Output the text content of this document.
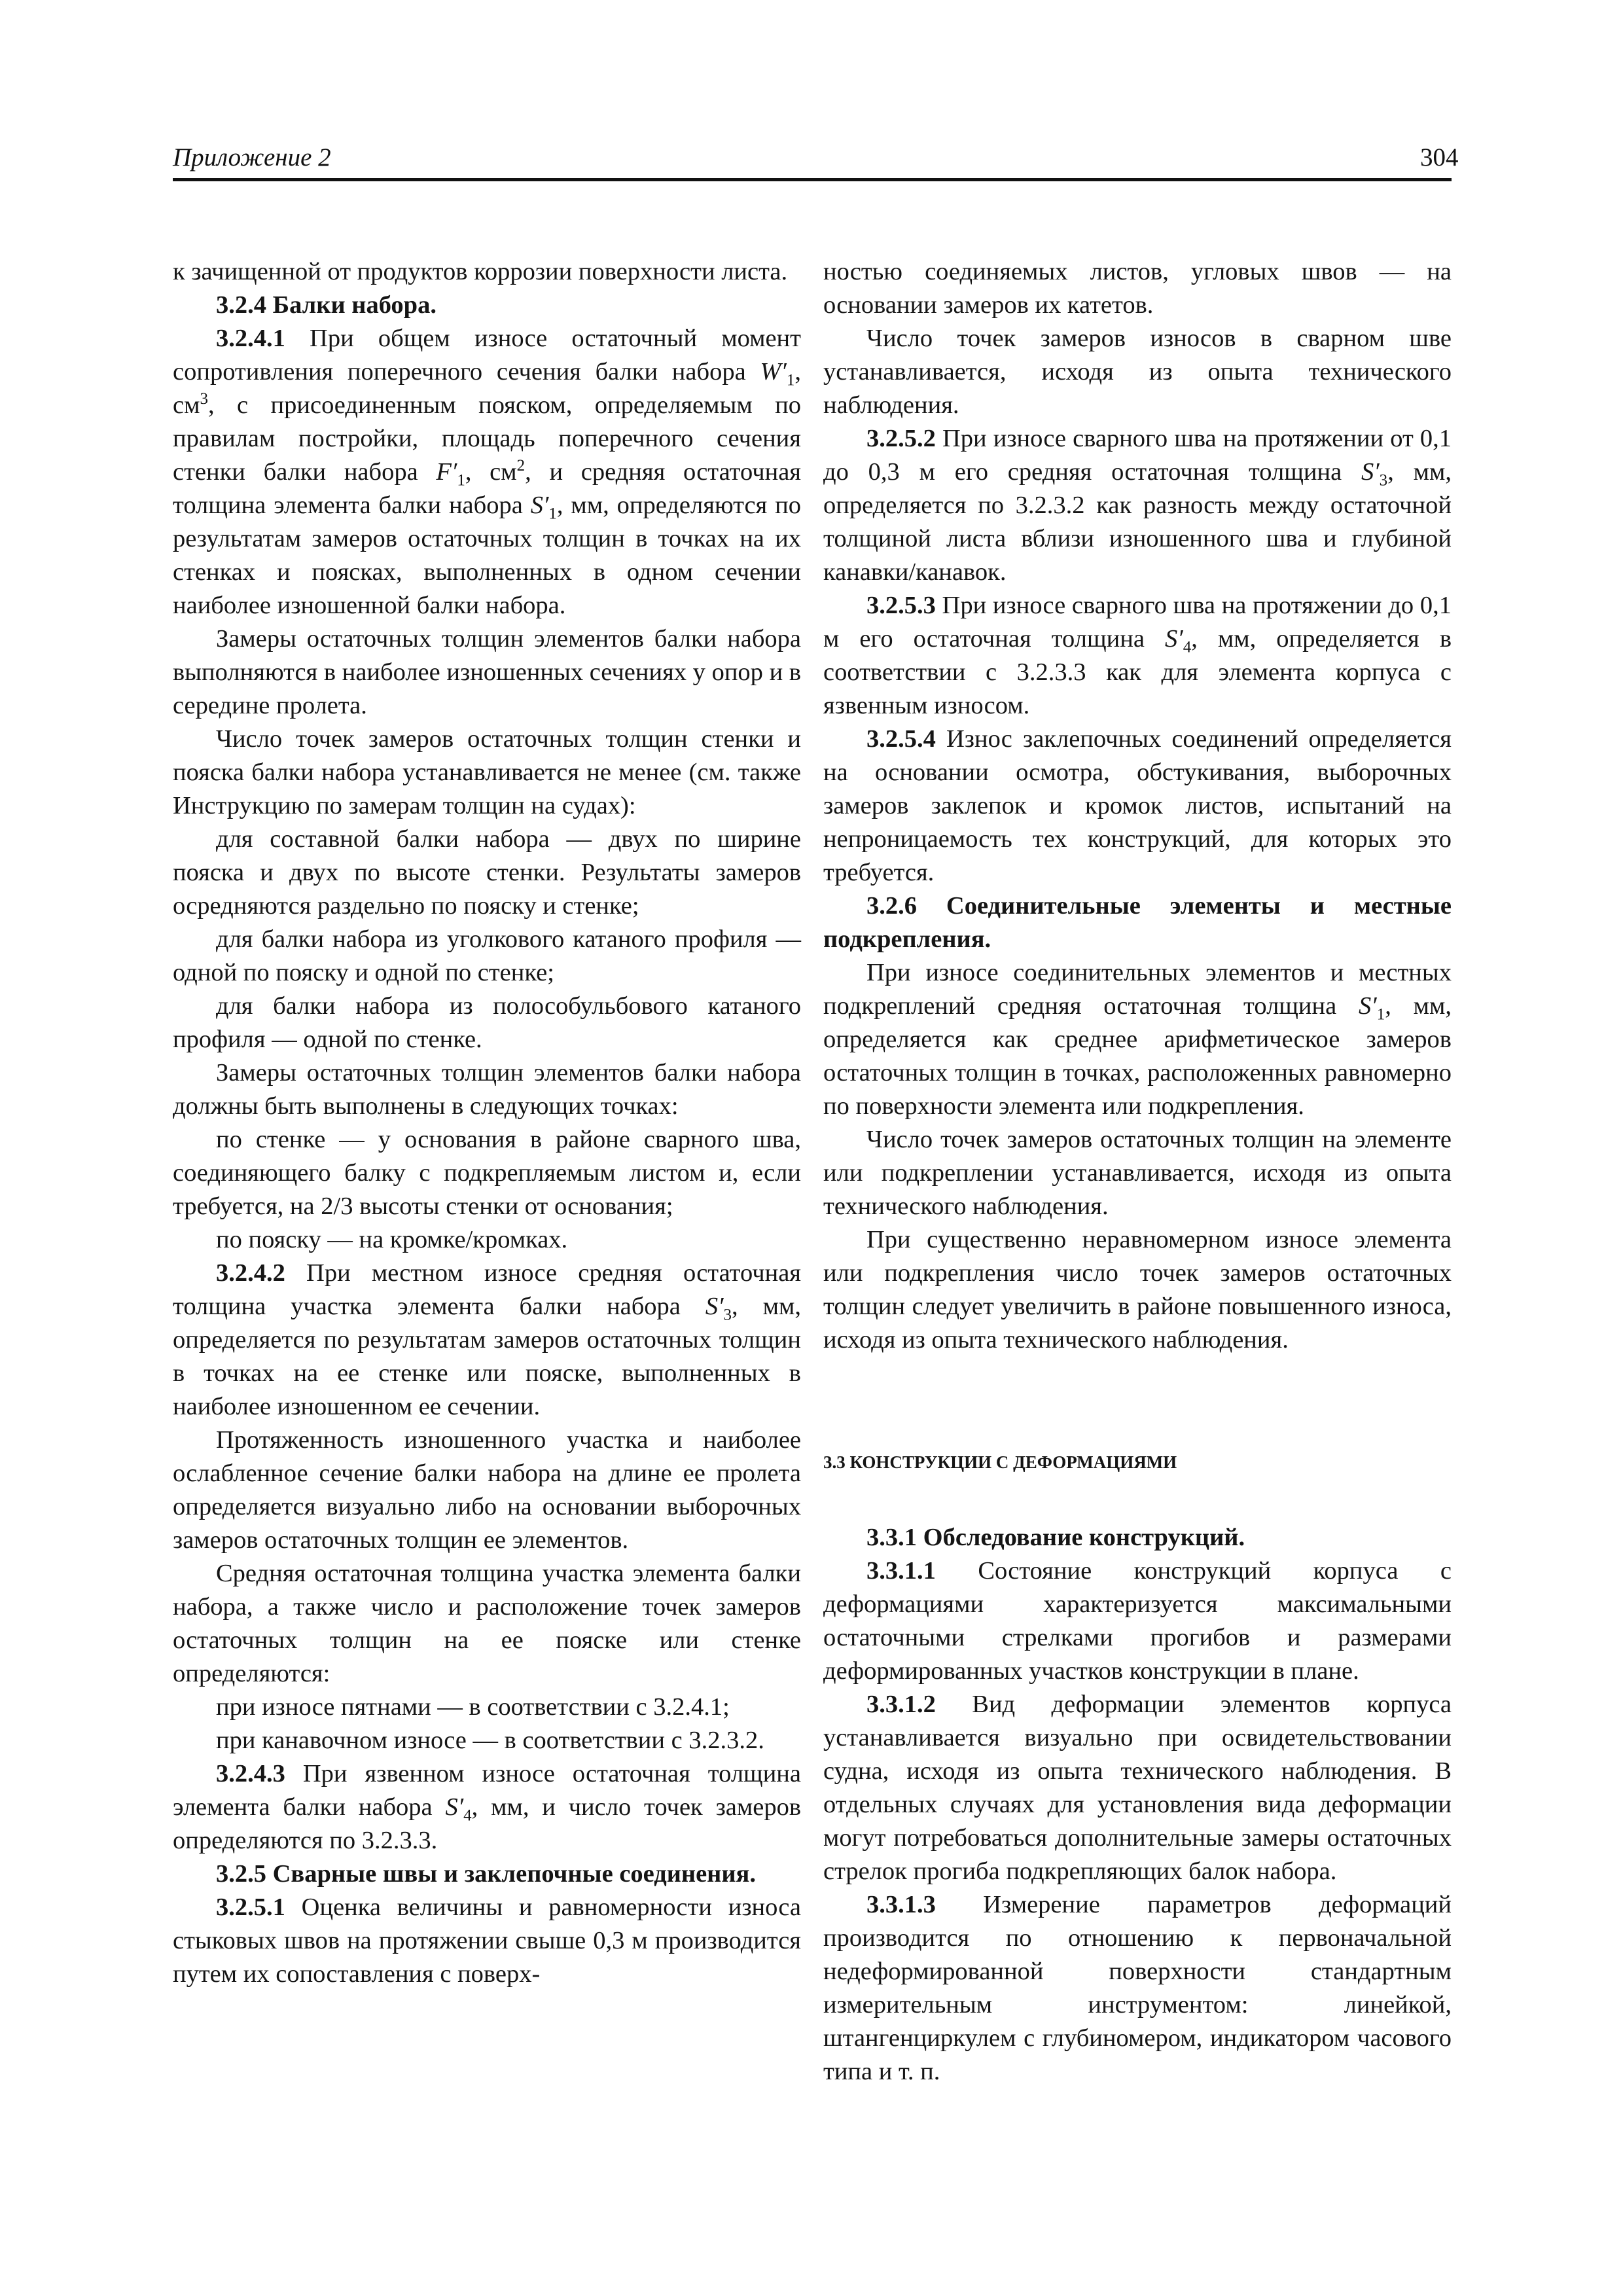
Приложение 2	304

к зачищенной от продуктов коррозии поверхности листа.

3.2.4 Балки набора.

3.2.4.1 При общем износе остаточный момент сопротивления поперечного сечения балки набора $W'_1$, $см^3$, с присоединенным пояском, определяемым по правилам постройки, площадь поперечного сечения стенки балки набора $F'_1$, $см^2$, и средняя остаточная толщина элемента балки набора $S'_1$, мм, определяются по результатам замеров остаточных толщин в точках на их стенках и поясках, выполненных в одном сечении наиболее изношенной балки набора.

Замеры остаточных толщин элементов балки набора выполняются в наиболее изношенных сечениях у опор и в середине пролета.

Число точек замеров остаточных толщин стенки и пояска балки набора устанавливается не менее (см. также Инструкцию по замерам толщин на судах):

для составной балки набора — двух по ширине пояска и двух по высоте стенки. Результаты замеров осредняются раздельно по пояску и стенке;

для балки набора из уголкового катаного профиля — одной по пояску и одной по стенке;

для балки набора из полособульбового катаного профиля — одной по стенке.

Замеры остаточных толщин элементов балки набора должны быть выполнены в следующих точках:

по стенке — у основания в районе сварного шва, соединяющего балку с подкрепляемым листом и, если требуется, на 2/3 высоты стенки от основания;

по пояску — на кромке/кромках.

3.2.4.2 При местном износе средняя остаточная толщина участка элемента балки набора $S'_3$, мм, определяется по результатам замеров остаточных толщин в точках на ее стенке или пояске, выполненных в наиболее изношенном ее сечении.

Протяженность изношенного участка и наиболее ослабленное сечение балки набора на длине ее пролета определяется визуально либо на основании выборочных замеров остаточных толщин ее элементов.

Средняя остаточная толщина участка элемента балки набора, а также число и расположение точек замеров остаточных толщин на ее пояске или стенке определяются:

при износе пятнами — в соответствии с 3.2.4.1;

при канавочном износе — в соответствии с 3.2.3.2.

3.2.4.3 При язвенном износе остаточная толщина элемента балки набора $S'_4$, мм, и число точек замеров определяются по 3.2.3.3.

3.2.5 Сварные швы и заклепочные соединения.

3.2.5.1 Оценка величины и равномерности износа стыковых швов на протяжении свыше 0,3 м производится путем их сопоставления с поверх-

ностью соединяемых листов, угловых швов — на основании замеров их катетов.

Число точек замеров износов в сварном шве устанавливается, исходя из опыта технического наблюдения.

3.2.5.2 При износе сварного шва на протяжении от 0,1 до 0,3 м его средняя остаточная толщина $S'_3$, мм, определяется по 3.2.3.2 как разность между остаточной толщиной листа вблизи изношенного шва и глубиной канавки/канавок.

3.2.5.3 При износе сварного шва на протяжении до 0,1 м его остаточная толщина $S'_4$, мм, определяется в соответствии с 3.2.3.3 как для элемента корпуса с язвенным износом.

3.2.5.4 Износ заклепочных соединений определяется на основании осмотра, обстукивания, выборочных замеров заклепок и кромок листов, испытаний на непроницаемость тех конструкций, для которых это требуется.

3.2.6 Соединительные элементы и местные подкрепления.

При износе соединительных элементов и местных подкреплений средняя остаточная толщина $S'_1$, мм, определяется как среднее арифметическое замеров остаточных толщин в точках, расположенных равномерно по поверхности элемента или подкрепления.

Число точек замеров остаточных толщин на элементе или подкреплении устанавливается, исходя из опыта технического наблюдения.

При существенно неравномерном износе элемента или подкрепления число точек замеров остаточных толщин следует увеличить в районе повышенного износа, исходя из опыта технического наблюдения.

3.3 КОНСТРУКЦИИ С ДЕФОРМАЦИЯМИ

3.3.1 Обследование конструкций.

3.3.1.1 Состояние конструкций корпуса с деформациями характеризуется максимальными остаточными стрелками прогибов и размерами деформированных участков конструкции в плане.

3.3.1.2 Вид деформации элементов корпуса устанавливается визуально при освидетельствовании судна, исходя из опыта технического наблюдения. В отдельных случаях для установления вида деформации могут потребоваться дополнительные замеры остаточных стрелок прогиба подкрепляющих балок набора.

3.3.1.3 Измерение параметров деформаций производится по отношению к первоначальной недеформированной поверхности стандартным измерительным инструментом: линейкой, штангенциркулем с глубиномером, индикатором часового типа и т. п.
